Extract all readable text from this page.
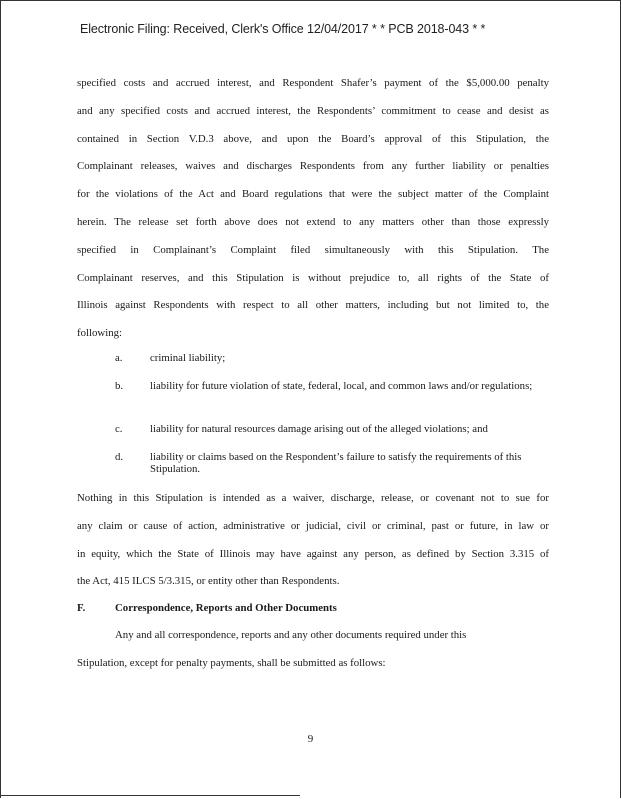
Electronic Filing: Received, Clerk's Office 12/04/2017 * * PCB 2018-043 * *

specified costs and accrued interest, and Respondent Shafer’s payment of the $5,000.00 penalty
and any specified costs and accrued interest, the Respondents’ commitment to cease and desist as
contained in Section V.D.3 above, and upon the Board’s approval of this Stipulation, the
Complainant releases, waives and discharges Respondents from any further liability or penalties
for the violations of the Act and Board regulations that were the subject matter of the Complaint
herein. The release set forth above does not extend to any matters other than those expressly
specified in Complainant’s Complaint filed simultaneously with this Stipulation. The
Complainant reserves, and this Stipulation is without prejudice to, all rights of the State of
Illinois against Respondents with respect to all other matters, including but not limited to, the
following:

a.	criminal liability;
b. liability for future violation of state, federal, local, and common laws and/or regulations;
c.	liability for natural resources damage arising out of the alleged violations; and
d. liability or claims based on the Respondent’s failure to satisfy the requirements of this Stipulation.
Nothing in this Stipulation is intended as a waiver, discharge, release, or covenant not to sue for
any claim or cause of action, administrative or judicial, civil or criminal, past or future, in law or
in equity, which the State of Illinois may have against any person, as defined by Section 3.315 of
the Act, 415 ILCS 5/3.315, or entity other than Respondents.
F.	Correspondence, Reports and Other Documents
Any and all correspondence, reports and any other documents required under this
Stipulation, except for penalty payments, shall be submitted as follows:
9
